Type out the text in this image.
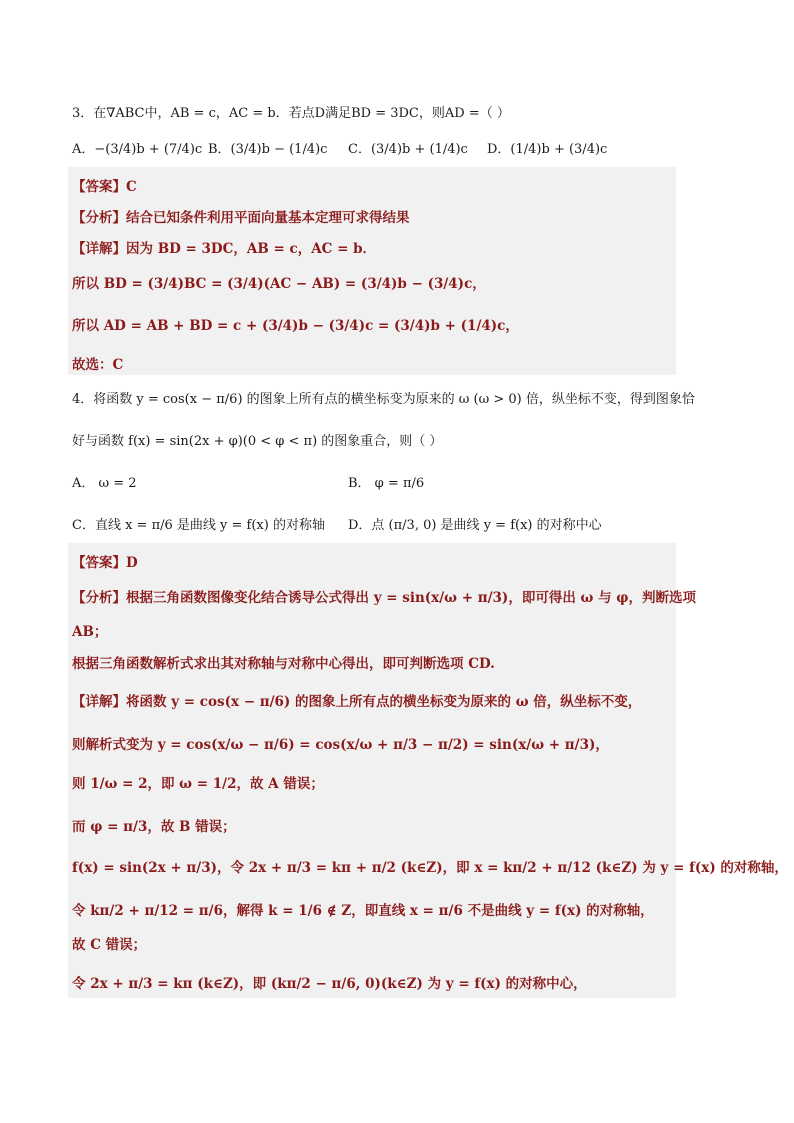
3．在∇ABC中，AB = c，AC = b．若点D满足BD = 3DC，则AD =（ ）
A．−(3/4)b + (7/4)c B．(3/4)b − (1/4)c C．(3/4)b + (1/4)c D．(1/4)b + (3/4)c
【答案】C
【分析】结合已知条件利用平面向量基本定理可求得结果
【详解】因为 BD = 3DC，AB = c，AC = b．
所以 BD = (3/4)BC = (3/4)(AC − AB) = (3/4)b − (3/4)c，
所以 AD = AB + BD = c + (3/4)b − (3/4)c = (3/4)b + (1/4)c，
故选：C
4．将函数 y = cos(x − π/6) 的图象上所有点的横坐标变为原来的 ω (ω > 0) 倍，纵坐标不变，得到图象恰
好与函数 f(x) = sin(2x + φ)(0 < φ < π) 的图象重合，则（ ）
A． ω = 2	B． φ = π/6
C．直线 x = π/6 是曲线 y = f(x) 的对称轴 D．点 (π/3, 0) 是曲线 y = f(x) 的对称中心
【答案】D
【分析】根据三角函数图像变化结合诱导公式得出 y = sin(x/ω + π/3)，即可得出 ω 与 φ，判断选项
AB；
根据三角函数解析式求出其对称轴与对称中心得出，即可判断选项 CD.
【详解】将函数 y = cos(x − π/6) 的图象上所有点的横坐标变为原来的 ω 倍，纵坐标不变，
则解析式变为 y = cos(x/ω − π/6) = cos(x/ω + π/3 − π/2) = sin(x/ω + π/3)，
则 1/ω = 2，即 ω = 1/2，故 A 错误；
而 φ = π/3，故 B 错误；
f(x) = sin(2x + π/3)，令 2x + π/3 = kπ + π/2 (k∈Z)，即 x = kπ/2 + π/12 (k∈Z) 为 y = f(x) 的对称轴，
令 kπ/2 + π/12 = π/6，解得 k = 1/6 ∉ Z，即直线 x = π/6 不是曲线 y = f(x) 的对称轴，
故 C 错误；
令 2x + π/3 = kπ (k∈Z)，即 (kπ/2 − π/6, 0)(k∈Z) 为 y = f(x) 的对称中心，
